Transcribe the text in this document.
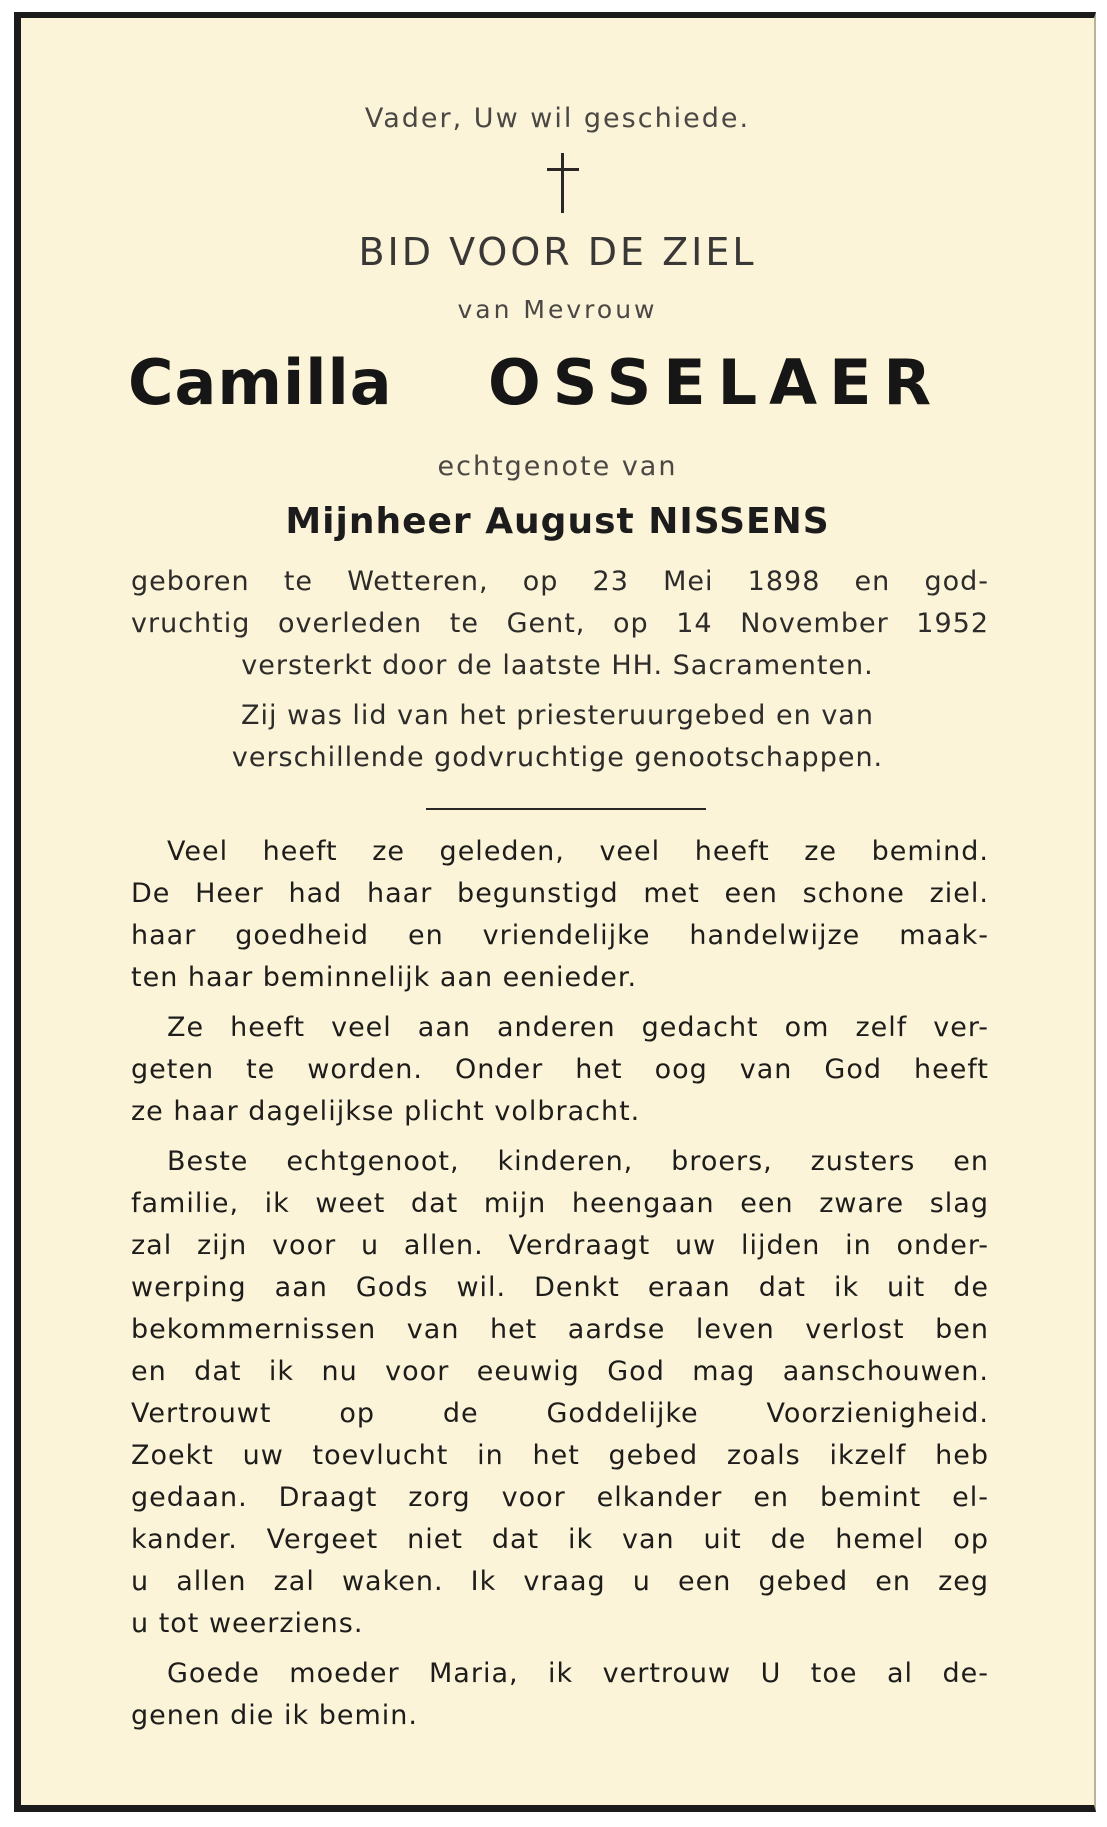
Vader, Uw wil geschiede.
BID VOOR DE ZIEL
van Mevrouw
Camilla OSSELAER
echtgenote van
Mijnheer August NISSENS
geboren te Wetteren, op 23 Mei 1898 en god-
vruchtig overleden te Gent, op 14 November 1952
versterkt door de laatste HH. Sacramenten.
Zij was lid van het priesteruurgebed en van
verschillende godvruchtige genootschappen.
Veel heeft ze geleden, veel heeft ze bemind.
De Heer had haar begunstigd met een schone ziel.
haar goedheid en vriendelijke handelwijze maak-
ten haar beminnelijk aan eenieder.
Ze heeft veel aan anderen gedacht om zelf ver-
geten te worden. Onder het oog van God heeft
ze haar dagelijkse plicht volbracht.
Beste echtgenoot, kinderen, broers, zusters en
familie, ik weet dat mijn heengaan een zware slag
zal zijn voor u allen. Verdraagt uw lijden in onder-
werping aan Gods wil. Denkt eraan dat ik uit de
bekommernissen van het aardse leven verlost ben
en dat ik nu voor eeuwig God mag aanschouwen.
Vertrouwt op de Goddelijke Voorzienigheid.
Zoekt uw toevlucht in het gebed zoals ikzelf heb
gedaan. Draagt zorg voor elkander en bemint el-
kander. Vergeet niet dat ik van uit de hemel op
u allen zal waken. Ik vraag u een gebed en zeg
u tot weerziens.
Goede moeder Maria, ik vertrouw U toe al de-
genen die ik bemin.
